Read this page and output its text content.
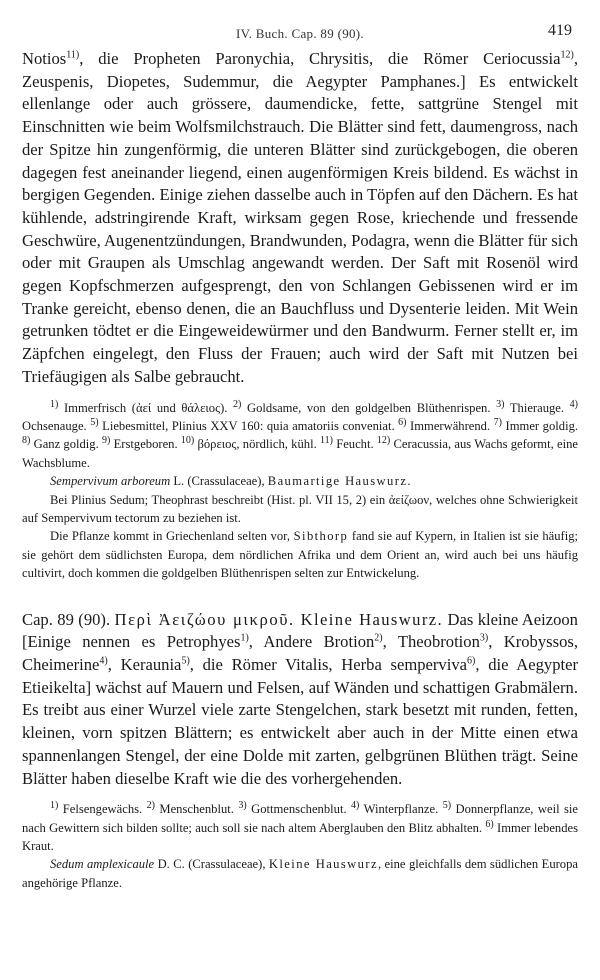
IV. Buch. Cap. 89 (90).	419

Notios$^{11)}$, die Propheten Paronychia, Chrysitis, die Römer Ceriocussia$^{12)}$, Zeuspenis, Diopetes, Sudemmur, die Aegypter Pamphanes.] Es entwickelt ellenlange oder auch grössere, daumendicke, fette, sattgrüne Stengel mit Einschnitten wie beim Wolfsmilchstrauch. Die Blätter sind fett, daumengross, nach der Spitze hin zungenförmig, die unteren Blätter sind zurückgebogen, die oberen dagegen fest aneinander liegend, einen augenförmigen Kreis bildend. Es wächst in bergigen Gegenden. Einige ziehen dasselbe auch in Töpfen auf den Dächern. Es hat kühlende, adstringirende Kraft, wirksam gegen Rose, kriechende und fressende Geschwüre, Augenentzündungen, Brandwunden, Podagra, wenn die Blätter für sich oder mit Graupen als Umschlag angewandt werden. Der Saft mit Rosenöl wird gegen Kopfschmerzen aufgesprengt, den von Schlangen Gebissenen wird er im Tranke gereicht, ebenso denen, die an Bauchfluss und Dysenterie leiden. Mit Wein getrunken tödtet er die Eingeweidewürmer und den Bandwurm. Ferner stellt er, im Zäpfchen eingelegt, den Fluss der Frauen; auch wird der Saft mit Nutzen bei Triefäugigen als Salbe gebraucht.

$^{1)}$ Immerfrisch (ἀεί und θάλειος). $^{2)}$ Goldsame, von den goldgelben Blüthenrispen. $^{3)}$ Thierauge. $^{4)}$ Ochsenauge. $^{5)}$ Liebesmittel, Plinius XXV 160: quia amatoriis conveniat. $^{6)}$ Immerwährend. $^{7)}$ Immer goldig. $^{8)}$ Ganz goldig. $^{9)}$ Erstgeboren. $^{10)}$ βόρειος, nördlich, kühl. $^{11)}$ Feucht. $^{12)}$ Ceracussia, aus Wachs geformt, eine Wachsblume.

Sempervivum arboreum L. (Crassulaceae), Baumartige Hauswurz.

Bei Plinius Sedum; Theophrast beschreibt (Hist. pl. VII 15, 2) ein ἀείζωον, welches ohne Schwierigkeit auf Sempervivum tectorum zu beziehen ist.

Die Pflanze kommt in Griechenland selten vor, Sibthorp fand sie auf Kypern, in Italien ist sie häufig; sie gehört dem südlichsten Europa, dem nördlichen Afrika und dem Orient an, wird auch bei uns häufig cultivirt, doch kommen die goldgelben Blüthenrispen selten zur Entwickelung.

Cap. 89 (90). Περὶ Ἀειζώου μικροῦ. Kleine Hauswurz. Das kleine Aeizoon [Einige nennen es Petrophyes$^{1)}$, Andere Brotion$^{2)}$, Theobrotion$^{3)}$, Krobyssos, Cheimerine$^{4)}$, Keraunia$^{5)}$, die Römer Vitalis, Herba semperviva$^{6)}$, die Aegypter Etieikelta] wächst auf Mauern und Felsen, auf Wänden und schattigen Grabmälern. Es treibt aus einer Wurzel viele zarte Stengelchen, stark besetzt mit runden, fetten, kleinen, vorn spitzen Blättern; es entwickelt aber auch in der Mitte einen etwa spannenlangen Stengel, der eine Dolde mit zarten, gelbgrünen Blüthen trägt. Seine Blätter haben dieselbe Kraft wie die des vorhergehenden.

$^{1)}$ Felsengewächs. $^{2)}$ Menschenblut. $^{3)}$ Gottmenschenblut. $^{4)}$ Winterpflanze. $^{5)}$ Donnerpflanze, weil sie nach Gewittern sich bilden sollte; auch soll sie nach altem Aberglauben den Blitz abhalten. $^{6)}$ Immer lebendes Kraut.

Sedum amplexicaule D. C. (Crassulaceae), Kleine Hauswurz, eine gleichfalls dem südlichen Europa angehörige Pflanze.
